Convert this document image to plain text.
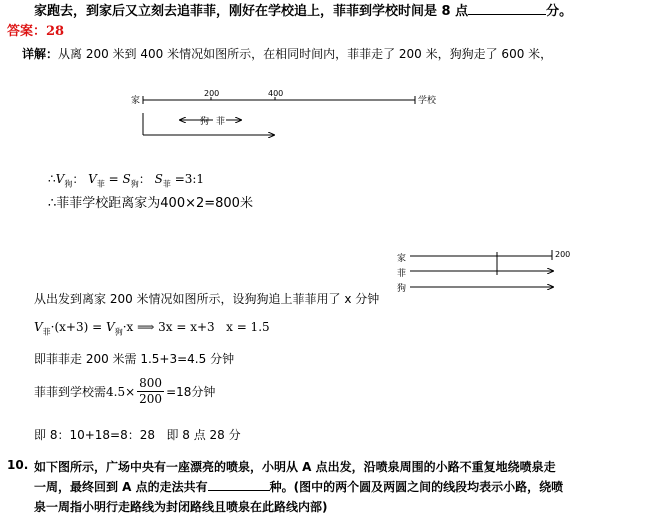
家跑去，到家后又立刻去追菲菲，刚好在学校追上，菲菲到学校时间是 8 点	分。
答案：28
详解：从离 200 米到 400 米情况如图所示，在相同时间内，菲菲走了 200 米，狗狗走了 600 米，
家
200	400
学校
狗 菲
家
菲
狗
200
$\therefore V_狗$： $V_菲 = S_狗$： $S_菲$ =3:1
∴菲菲学校距离家为400×2=800米
从出发到离家 200 米情况如图所示，设狗狗追上菲菲用了 x 分钟
$V_菲\cdot(x+3) = V_狗\cdot x$ ⟹ 3x = x+3 x = 1.5
即菲菲走 200 米需 1.5+3=4.5 分钟
菲菲到学校需 $4.5\times \frac{800}{200} =18$分钟
即 8：10+18=8：28 即 8 点 28 分
10. 如下图所示，广场中央有一座漂亮的喷泉，小明从 A 点出发，沿喷泉周围的小路不重复地绕喷泉走
一周，最终回到 A 点的走法共有	种。(图中的两个圆及两圆之间的线段均表示小路，绕喷
泉一周指小明行走路线为封闭路线且喷泉在此路线内部)
